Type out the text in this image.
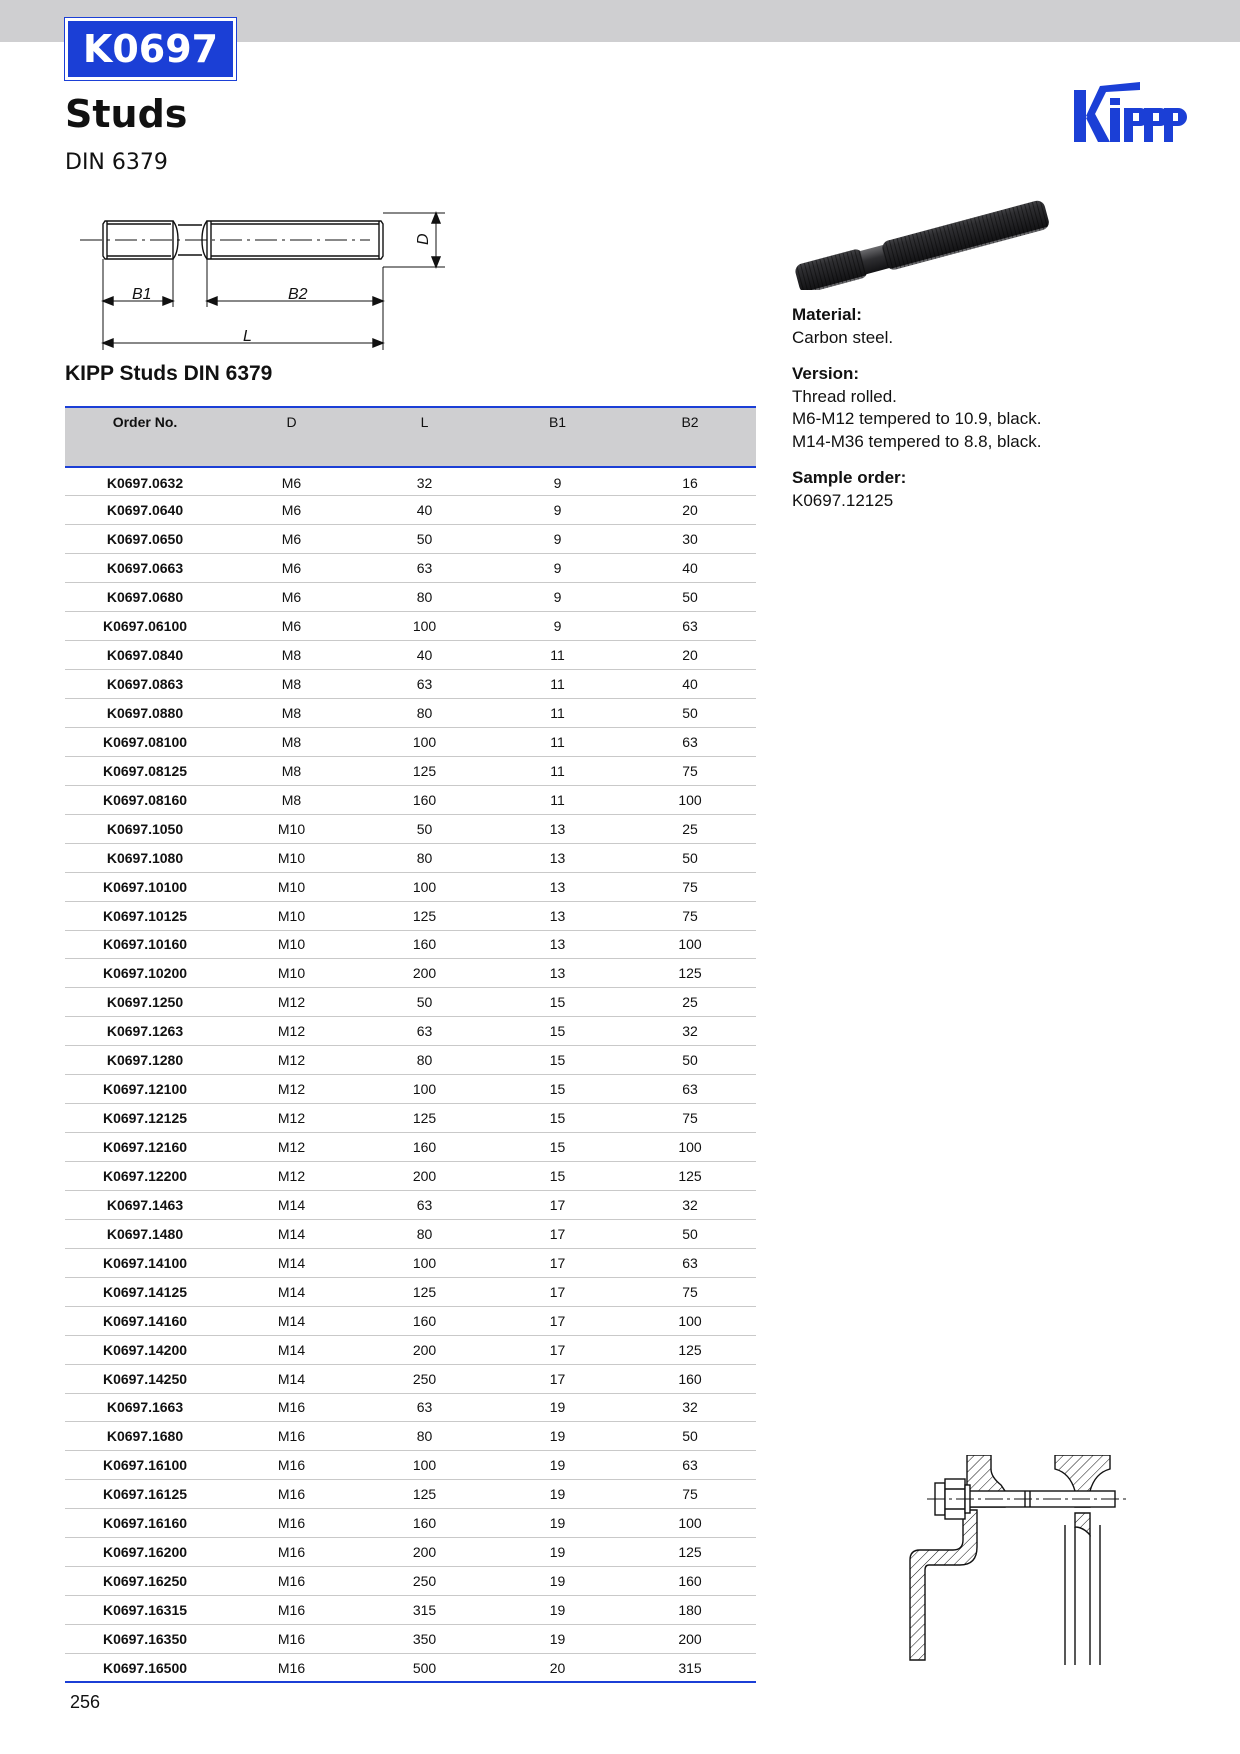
K0697
Studs
DIN 6379
B1	B2
L
D
KIPP Studs DIN 6379
Order No.	D	L	B1	B2
K0697.0632	M6	32	9	16
K0697.0640	M6	40	9	20
K0697.0650	M6	50	9	30
K0697.0663	M6	63	9	40
K0697.0680	M6	80	9	50
K0697.06100	M6	100	9	63
K0697.0840	M8	40	11	20
K0697.0863	M8	63	11	40
K0697.0880	M8	80	11	50
K0697.08100	M8	100	11	63
K0697.08125	M8	125	11	75
K0697.08160	M8	160	11	100
K0697.1050	M10	50	13	25
K0697.1080	M10	80	13	50
K0697.10100	M10	100	13	75
K0697.10125	M10	125	13	75
K0697.10160	M10	160	13	100
K0697.10200	M10	200	13	125
K0697.1250	M12	50	15	25
K0697.1263	M12	63	15	32
K0697.1280	M12	80	15	50
K0697.12100	M12	100	15	63
K0697.12125	M12	125	15	75
K0697.12160	M12	160	15	100
K0697.12200	M12	200	15	125
K0697.1463	M14	63	17	32
K0697.1480	M14	80	17	50
K0697.14100	M14	100	17	63
K0697.14125	M14	125	17	75
K0697.14160	M14	160	17	100
K0697.14200	M14	200	17	125
K0697.14250	M14	250	17	160
K0697.1663	M16	63	19	32
K0697.1680	M16	80	19	50
K0697.16100	M16	100	19	63
K0697.16125	M16	125	19	75
K0697.16160	M16	160	19	100
K0697.16200	M16	200	19	125
K0697.16250	M16	250	19	160
K0697.16315	M16	315	19	180
K0697.16350	M16	350	19	200
K0697.16500	M16	500	20	315
Material:
Carbon steel.
Version:
Thread rolled.
M6-M12 tempered to 10.9, black.
M14-M36 tempered to 8.8, black.
Sample order:
K0697.12125
256
